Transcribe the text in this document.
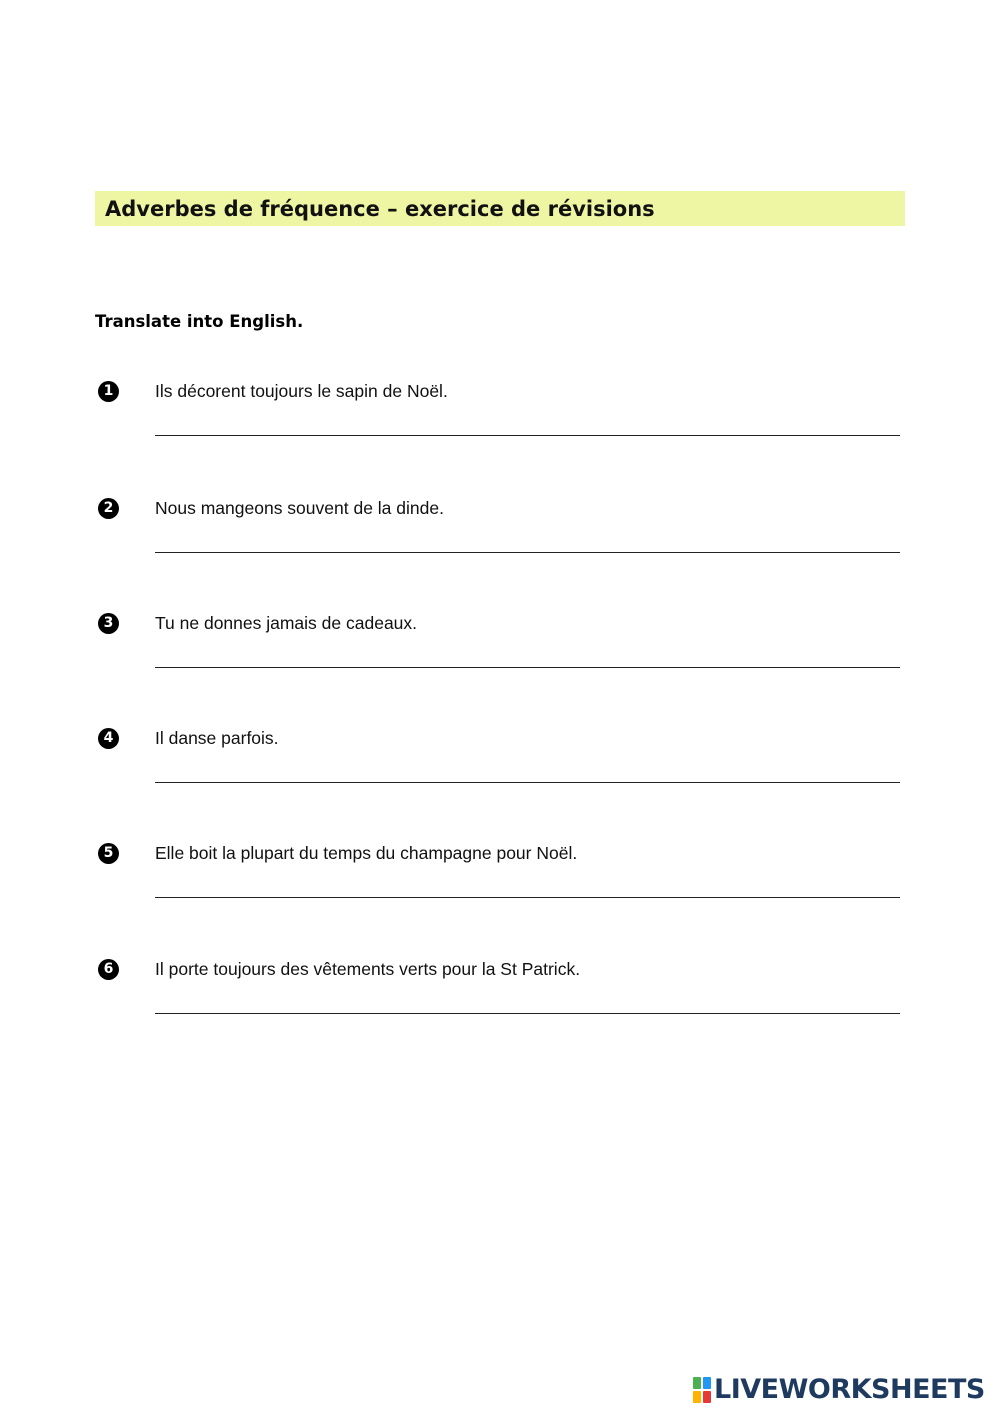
Adverbes de fréquence – exercice de révisions
Translate into English.
1	Ils décorent toujours le sapin de Noël.
2	Nous mangeons souvent de la dinde.
3	Tu ne donnes jamais de cadeaux.
4	Il danse parfois.
5	Elle boit la plupart du temps du champagne pour Noël.
6	Il porte toujours des vêtements verts pour la St Patrick.
LIVEWORKSHEETS
